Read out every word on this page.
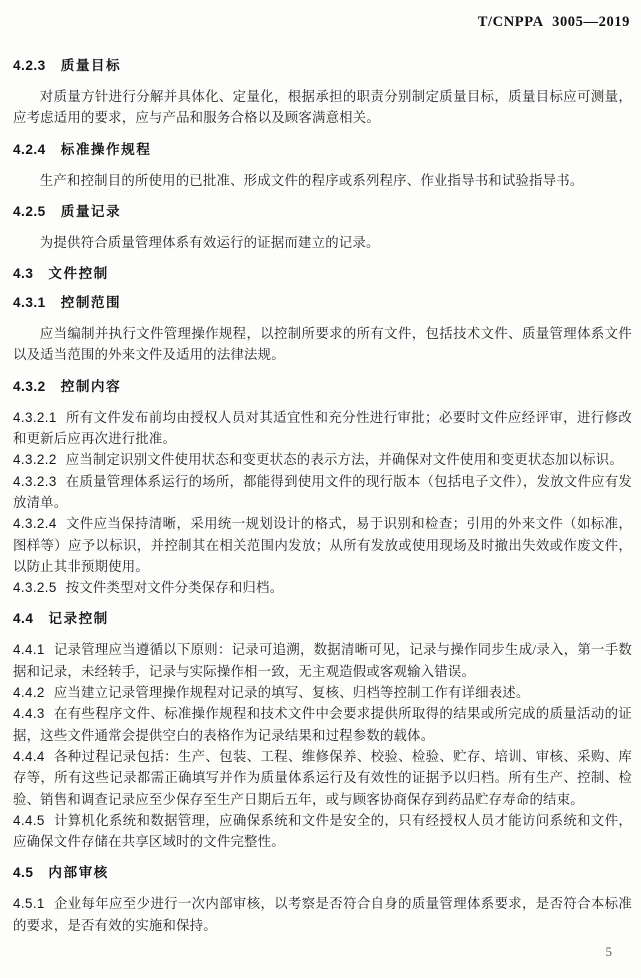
T/CNPPA 3005—2019
4.2.3 质量目标

对质量方针进行分解并具体化、定量化，根据承担的职责分别制定质量目标，质量目标应可测量，应考虑适用的要求，应与产品和服务合格以及顾客满意相关。

4.2.4 标准操作规程

生产和控制目的所使用的已批准、形成文件的程序或系列程序、作业指导书和试验指导书。

4.2.5 质量记录

为提供符合质量管理体系有效运行的证据而建立的记录。

4.3 文件控制
4.3.1 控制范围

应当编制并执行文件管理操作规程，以控制所要求的所有文件，包括技术文件、质量管理体系文件以及适当范围的外来文件及适用的法律法规。

4.3.2 控制内容

4.3.2.1 所有文件发布前均由授权人员对其适宜性和充分性进行审批；必要时文件应经评审，进行修改和更新后应再次进行批准。

4.3.2.2 应当制定识别文件使用状态和变更状态的表示方法，并确保对文件使用和变更状态加以标识。

4.3.2.3 在质量管理体系运行的场所，都能得到使用文件的现行版本（包括电子文件），发放文件应有发放清单。

4.3.2.4 文件应当保持清晰，采用统一规划设计的格式，易于识别和检查；引用的外来文件（如标准，图样等）应予以标识，并控制其在相关范围内发放；从所有发放或使用现场及时撤出失效或作废文件，以防止其非预期使用。

4.3.2.5 按文件类型对文件分类保存和归档。

4.4 记录控制

4.4.1 记录管理应当遵循以下原则：记录可追溯，数据清晰可见，记录与操作同步生成/录入，第一手数据和记录，未经转手，记录与实际操作相一致，无主观造假或客观输入错误。

4.4.2 应当建立记录管理操作规程对记录的填写、复核、归档等控制工作有详细表述。

4.4.3 在有些程序文件、标准操作规程和技术文件中会要求提供所取得的结果或所完成的质量活动的证据，这些文件通常会提供空白的表格作为记录结果和过程参数的载体。

4.4.4 各种过程记录包括：生产、包装、工程、维修保养、校验、检验、贮存、培训、审核、采购、库存等，所有这些记录都需正确填写并作为质量体系运行及有效性的证据予以归档。所有生产、控制、检验、销售和调查记录应至少保存至生产日期后五年，或与顾客协商保存到药品贮存寿命的结束。

4.4.5 计算机化系统和数据管理，应确保系统和文件是安全的，只有经授权人员才能访问系统和文件，应确保文件存储在共享区域时的文件完整性。

4.5 内部审核

4.5.1 企业每年应至少进行一次内部审核，以考察是否符合自身的质量管理体系要求，是否符合本标准的要求，是否有效的实施和保持。

5
